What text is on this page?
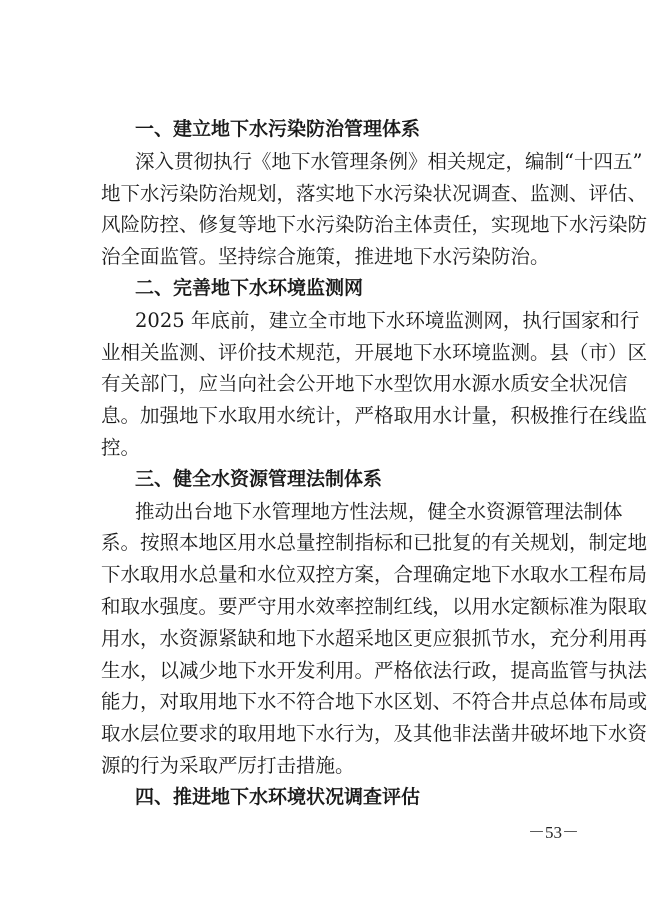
一、建立地下水污染防治管理体系
深入贯彻执行《地下水管理条例》相关规定，编制“十四五”
地下水污染防治规划，落实地下水污染状况调查、监测、评估、
风险防控、修复等地下水污染防治主体责任，实现地下水污染防
治全面监管。坚持综合施策，推进地下水污染防治。
二、完善地下水环境监测网
2025 年底前，建立全市地下水环境监测网，执行国家和行
业相关监测、评价技术规范，开展地下水环境监测。县（市）区
有关部门，应当向社会公开地下水型饮用水源水质安全状况信
息。加强地下水取用水统计，严格取用水计量，积极推行在线监
控。
三、健全水资源管理法制体系
推动出台地下水管理地方性法规，健全水资源管理法制体
系。按照本地区用水总量控制指标和已批复的有关规划，制定地
下水取用水总量和水位双控方案，合理确定地下水取水工程布局
和取水强度。要严守用水效率控制红线，以用水定额标准为限取
用水，水资源紧缺和地下水超采地区更应狠抓节水，充分利用再
生水，以减少地下水开发利用。严格依法行政，提高监管与执法
能力，对取用地下水不符合地下水区划、不符合井点总体布局或
取水层位要求的取用地下水行为，及其他非法凿井破坏地下水资
源的行为采取严厉打击措施。
四、推进地下水环境状况调查评估
－53－
